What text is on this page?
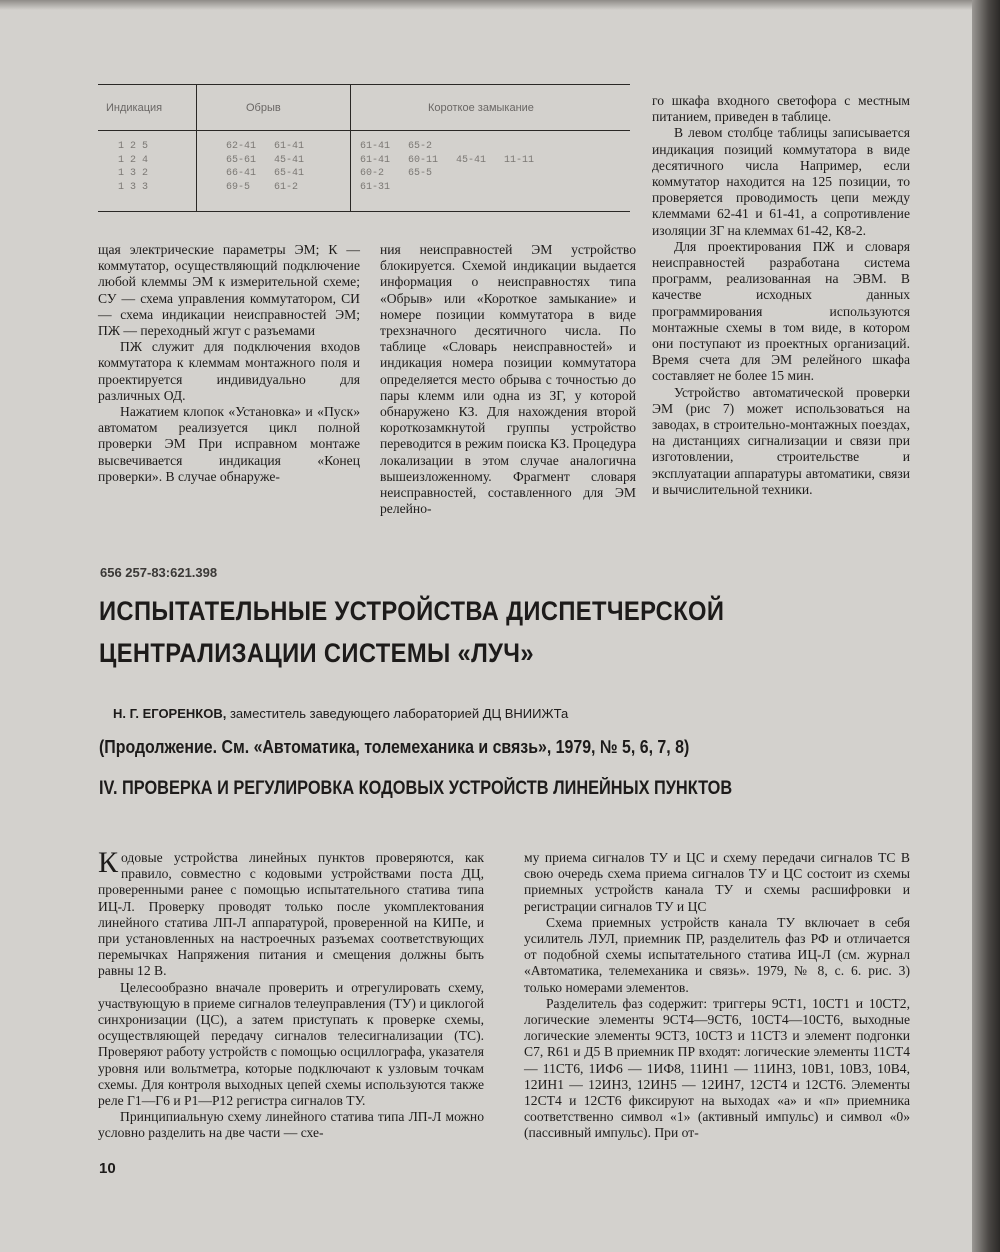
Индикация	Обрыв	Короткое замыкание
1 2 5
1 2 4
1 3 2
1 3 3
62-41   61-41
65-61   45-41
66-41   65-41
69-5    61-2
61-41   65-2
61-41   60-11   45-41   11-11
60-2    65-5
61-31

щая электрические параметры ЭМ; К — коммутатор, осуществляющий подключение любой клеммы ЭМ к измерительной схеме; СУ — схема управления коммутатором, СИ — схема индикации неисправностей ЭМ; ПЖ — переходный жгут с разъемами

ПЖ служит для подключения входов коммутатора к клеммам монтажного поля и проектируется индивидуально для различных ОД.

Нажатием клопок «Установка» и «Пуск» автоматом реализуется цикл полной проверки ЭМ При исправном монтаже высвечивается индикация «Конец проверки». В случае обнаруже-

ния неисправностей ЭМ устройство блокируется. Схемой индикации выдается информация о неисправностях типа «Обрыв» или «Короткое замыкание» и номере позиции коммутатора в виде трехзначного десятичного числа. По таблице «Словарь неисправностей» и индикация номера позиции коммутатора определяется место обрыва с точностью до пары клемм или одна из ЗГ, у которой обнаружено КЗ. Для нахождения второй короткозамкнутой группы устройство переводится в режим поиска КЗ. Процедура локализации в этом случае аналогична вышеизложенному. Фрагмент словаря неисправностей, составленного для ЭМ релейно-

го шкафа входного светофора с местным питанием, приведен в таблице.

В левом столбце таблицы записывается индикация позиций коммутатора в виде десятичного числа Например, если коммутатор находится на 125 позиции, то проверяется проводимость цепи между клеммами 62-41 и 61-41, а сопротивление изоляции ЗГ на клеммах 61-42, К8-2.

Для проектирования ПЖ и словаря неисправностей разработана система программ, реализованная на ЭВМ. В качестве исходных данных программирования используются монтажные схемы в том виде, в котором они поступают из проектных организаций. Время счета для ЭМ релейного шкафа составляет не более 15 мин.

Устройство автоматической проверки ЭМ (рис 7) может использоваться на заводах, в строительно-монтажных поездах, на дистанциях сигнализации и связи при изготовлении, строительстве и эксплуатации аппаратуры автоматики, связи и вычислительной техники.

656 257-83:621.398
ИСПЫТАТЕЛЬНЫЕ УСТРОЙСТВА ДИСПЕТЧЕРСКОЙ
ЦЕНТРАЛИЗАЦИИ СИСТЕМЫ «ЛУЧ»
Н. Г. ЕГОРЕНКОВ, заместитель заведующего лабораторией ДЦ ВНИИЖТа
(Продолжение. См. «Автоматика, толемеханика и связь», 1979, № 5, 6, 7, 8)
IV. ПРОВЕРКА И РЕГУЛИРОВКА КОДОВЫХ УСТРОЙСТВ ЛИНЕЙНЫХ ПУНКТОВ

Кодовые устройства линейных пунктов проверяются, как правило, совместно с кодовыми устройствами поста ДЦ, проверенными ранее с помощью испытательного статива типа ИЦ-Л. Проверку проводят только после укомплектования линейного статива ЛП-Л аппаратурой, проверенной на КИПе, и при установленных на настроечных разъемах соответствующих перемычках Напряжения питания и смещения должны быть равны 12 В.

Целесообразно вначале проверить и отрегулировать схему, участвующую в приеме сигналов телеуправления (ТУ) и циклогой синхронизации (ЦС), а затем приступать к проверке схемы, осуществляющей передачу сигналов телесигнализации (ТС). Проверяют работу устройств с помощью осциллографа, указателя уровня или вольтметра, которые подключают к узловым точкам схемы. Для контроля выходных цепей схемы используются также реле Г1—Г6 и Р1—Р12 регистра сигналов ТУ.

Принципиальную схему линейного статива типа ЛП-Л можно условно разделить на две части — схе-

му приема сигналов ТУ и ЦС и схему передачи сигналов ТС В свою очередь схема приема сигналов ТУ и ЦС состоит из схемы приемных устройств канала ТУ и схемы расшифровки и регистрации сигналов ТУ и ЦС

Схема приемных устройств канала ТУ включает в себя усилитель ЛУЛ, приемник ПР, разделитель фаз РФ и отличается от подобной схемы испытательного статива ИЦ-Л (см. журнал «Автоматика, телемеханика и связь». 1979, № 8, с. 6. рис. 3) только номерами элементов.

Разделитель фаз содержит: триггеры 9СТ1, 10СТ1 и 10СТ2, логические элементы 9СТ4—9СТ6, 10СТ4—10СТ6, выходные логические элементы 9СТ3, 10СТ3 и 11СТ3 и элемент подгонки С7, R61 и Д5 В приемник ПР входят: логические элементы 11СТ4 — 11СТ6, 1ИФ6 — 1ИФ8, 11ИН1 — 11ИН3, 10В1, 10В3, 10В4, 12ИН1 — 12ИН3, 12ИН5 — 12ИН7, 12СТ4 и 12СТ6. Элементы 12СТ4 и 12СТ6 фиксируют на выходах «а» и «п» приемника соответственно символ «1» (активный импульс) и символ «0» (пассивный импульс). При от-

10
